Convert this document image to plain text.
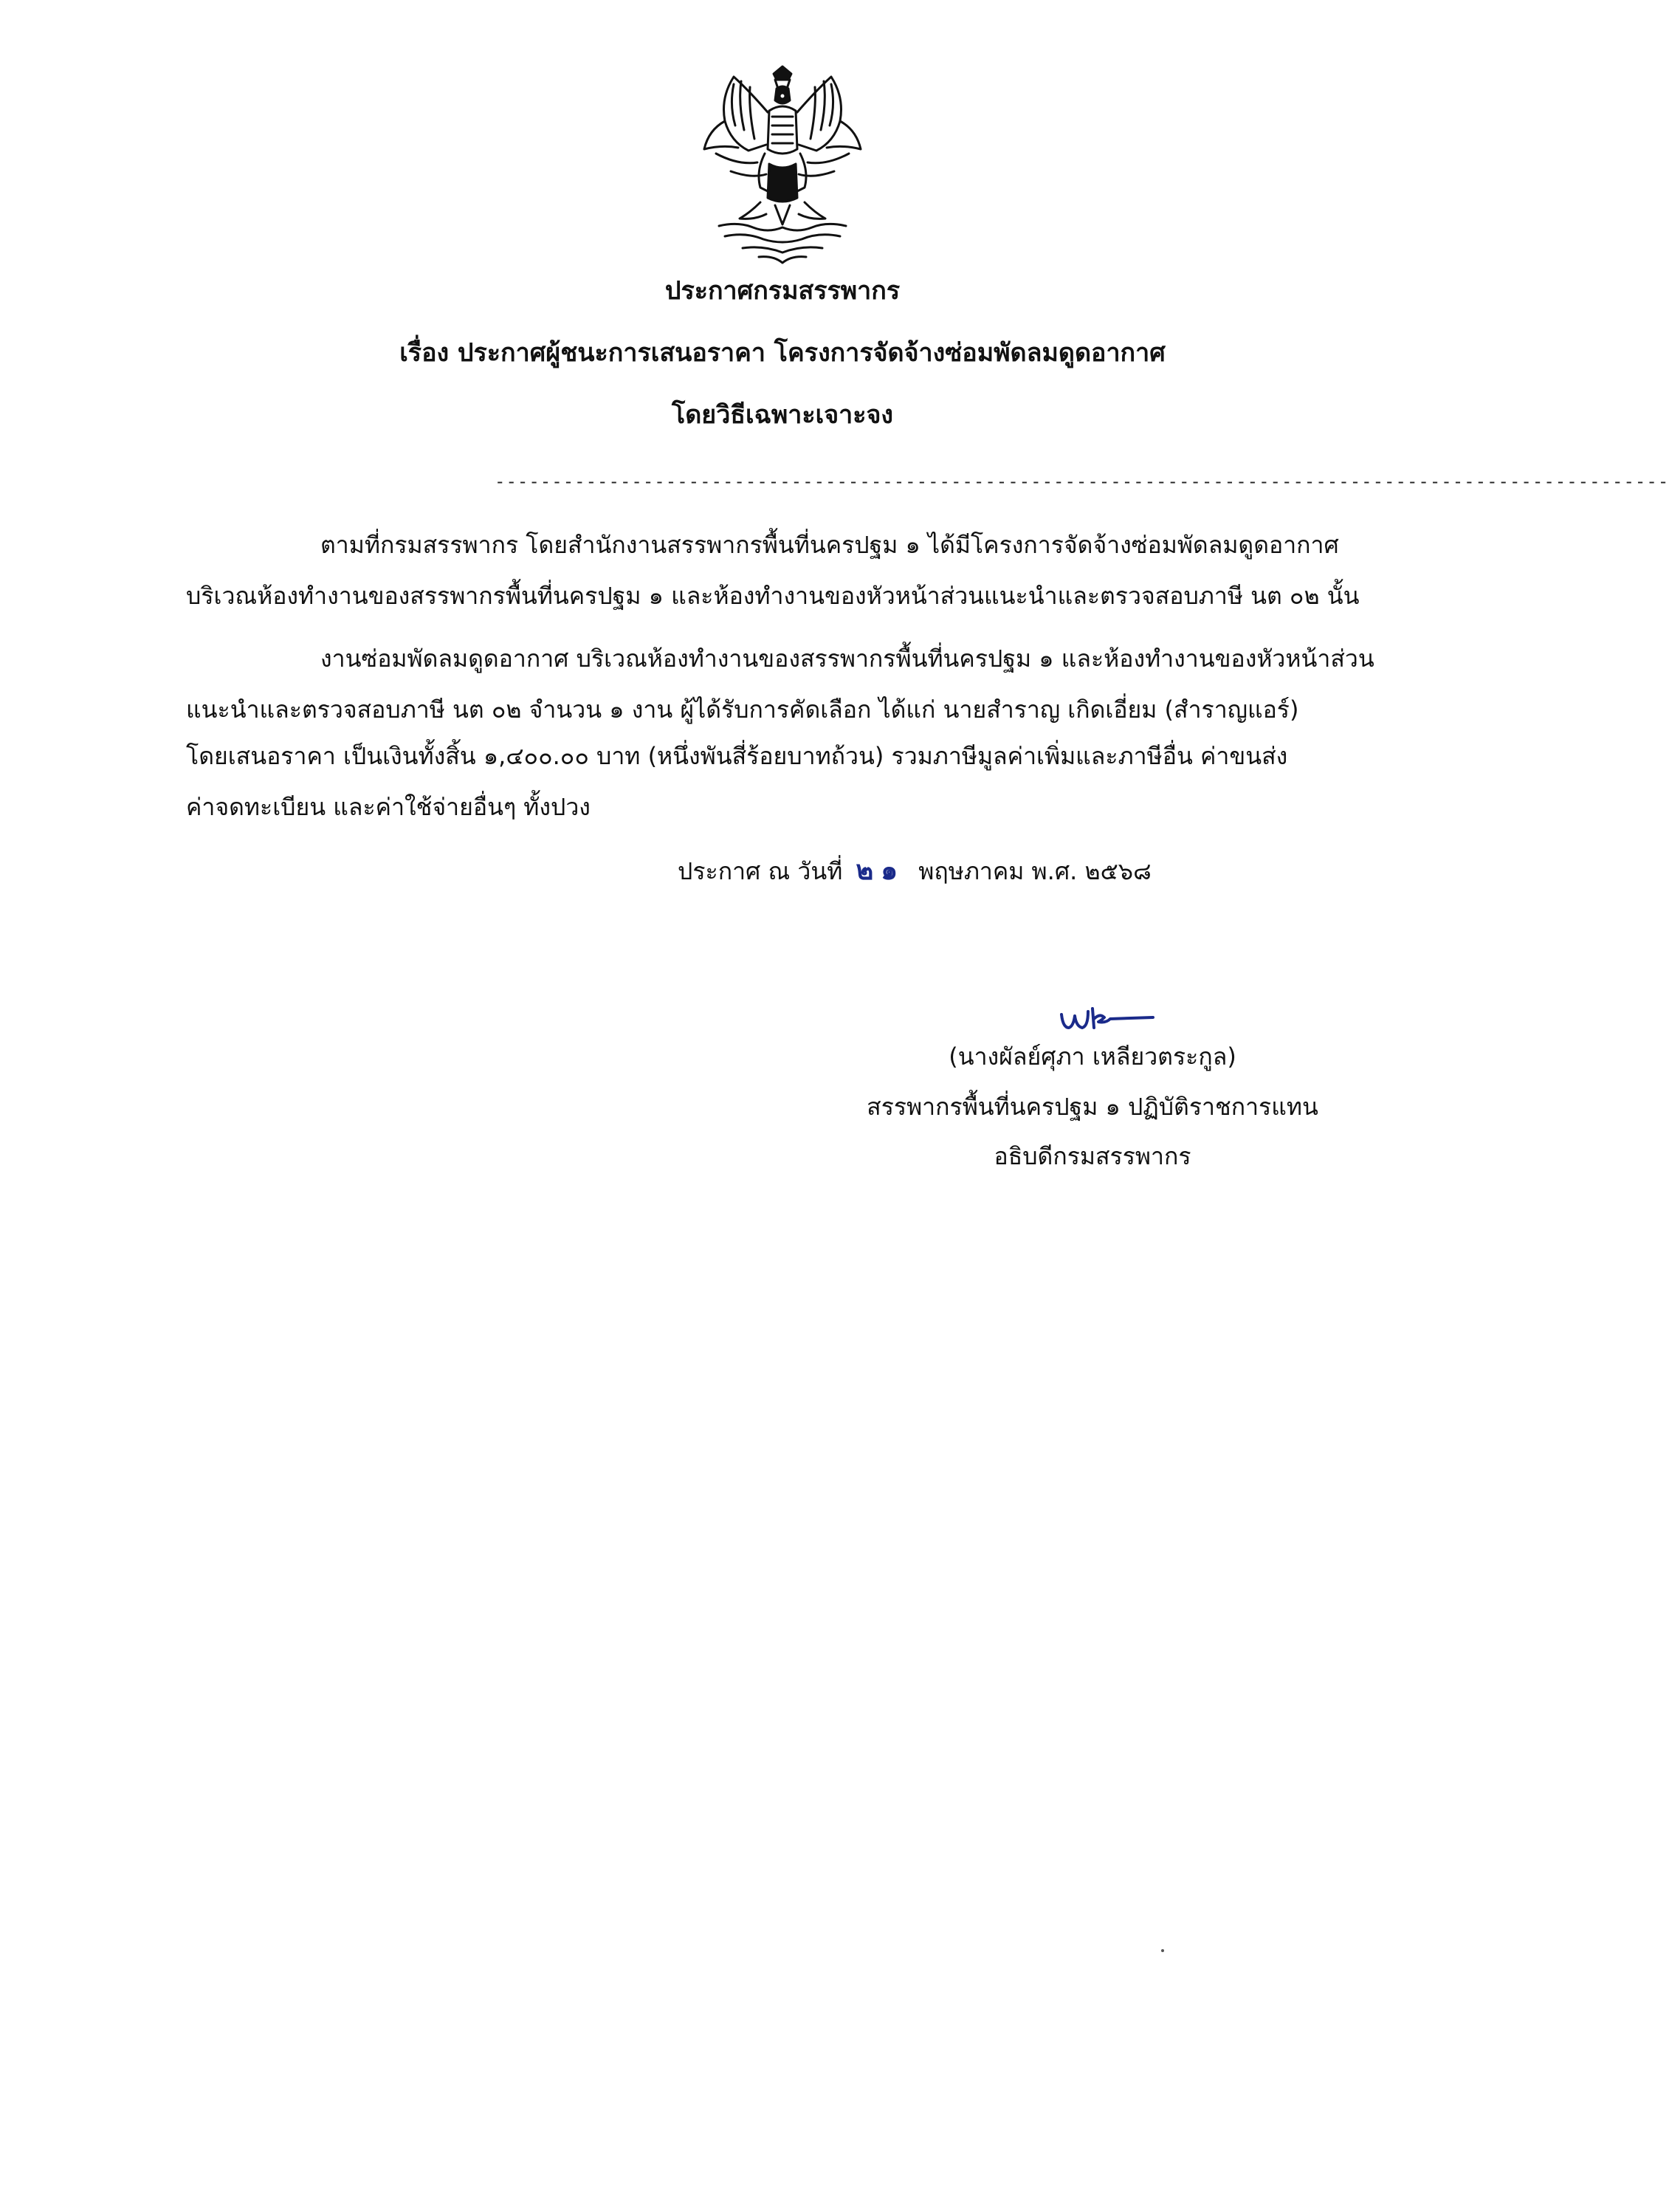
ประกาศกรมสรรพากร
เรื่อง ประกาศผู้ชนะการเสนอราคา โครงการจัดจ้างซ่อมพัดลมดูดอากาศ
โดยวิธีเฉพาะเจาะจง
-------------------------------------------------------------------------------------------------------
ตามที่กรมสรรพากร โดยสำนักงานสรรพากรพื้นที่นครปฐม ๑ ได้มีโครงการจัดจ้างซ่อมพัดลมดูดอากาศ
บริเวณห้องทำงานของสรรพากรพื้นที่นครปฐม ๑ และห้องทำงานของหัวหน้าส่วนแนะนำและตรวจสอบภาษี นต ๐๒ นั้น
งานซ่อมพัดลมดูดอากาศ บริเวณห้องทำงานของสรรพากรพื้นที่นครปฐม ๑ และห้องทำงานของหัวหน้าส่วน
แนะนำและตรวจสอบภาษี นต ๐๒ จำนวน ๑ งาน ผู้ได้รับการคัดเลือก ได้แก่ นายสำราญ เกิดเอี่ยม (สำราญแอร์)
โดยเสนอราคา เป็นเงินทั้งสิ้น ๑,๔๐๐.๐๐ บาท (หนึ่งพันสี่ร้อยบาทถ้วน) รวมภาษีมูลค่าเพิ่มและภาษีอื่น ค่าขนส่ง
ค่าจดทะเบียน และค่าใช้จ่ายอื่นๆ ทั้งปวง
ประกาศ ณ วันที่ ๒๑ พฤษภาคม พ.ศ. ๒๕๖๘
(นางผัลย์ศุภา เหลียวตระกูล)
สรรพากรพื้นที่นครปฐม ๑ ปฏิบัติราชการแทน
อธิบดีกรมสรรพากร
